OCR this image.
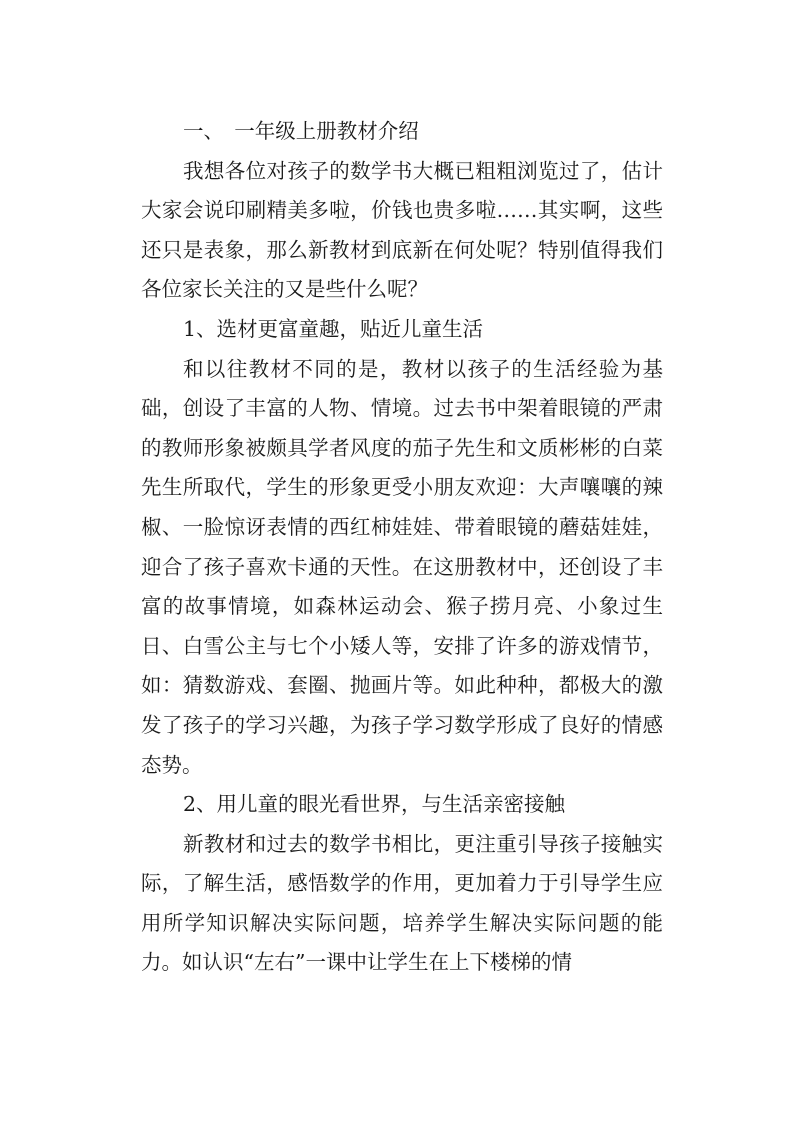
一、　一年级上册教材介绍

我想各位对孩子的数学书大概已粗粗浏览过了，估计大家会说印刷精美多啦，价钱也贵多啦……其实啊，这些还只是表象，那么新教材到底新在何处呢？特别值得我们各位家长关注的又是些什么呢？

1、选材更富童趣，贴近儿童生活

和以往教材不同的是，教材以孩子的生活经验为基础，创设了丰富的人物、情境。过去书中架着眼镜的严肃的教师形象被颇具学者风度的茄子先生和文质彬彬的白菜先生所取代，学生的形象更受小朋友欢迎：大声嚷嚷的辣椒、一脸惊讶表情的西红柿娃娃、带着眼镜的蘑菇娃娃，迎合了孩子喜欢卡通的天性。在这册教材中，还创设了丰富的故事情境，如森林运动会、猴子捞月亮、小象过生日、白雪公主与七个小矮人等，安排了许多的游戏情节，如：猜数游戏、套圈、抛画片等。如此种种，都极大的激发了孩子的学习兴趣，为孩子学习数学形成了良好的情感态势。

2、用儿童的眼光看世界，与生活亲密接触

新教材和过去的数学书相比，更注重引导孩子接触实际，了解生活，感悟数学的作用，更加着力于引导学生应用所学知识解决实际问题，培养学生解决实际问题的能力。如认识“左右”一课中让学生在上下楼梯的情
